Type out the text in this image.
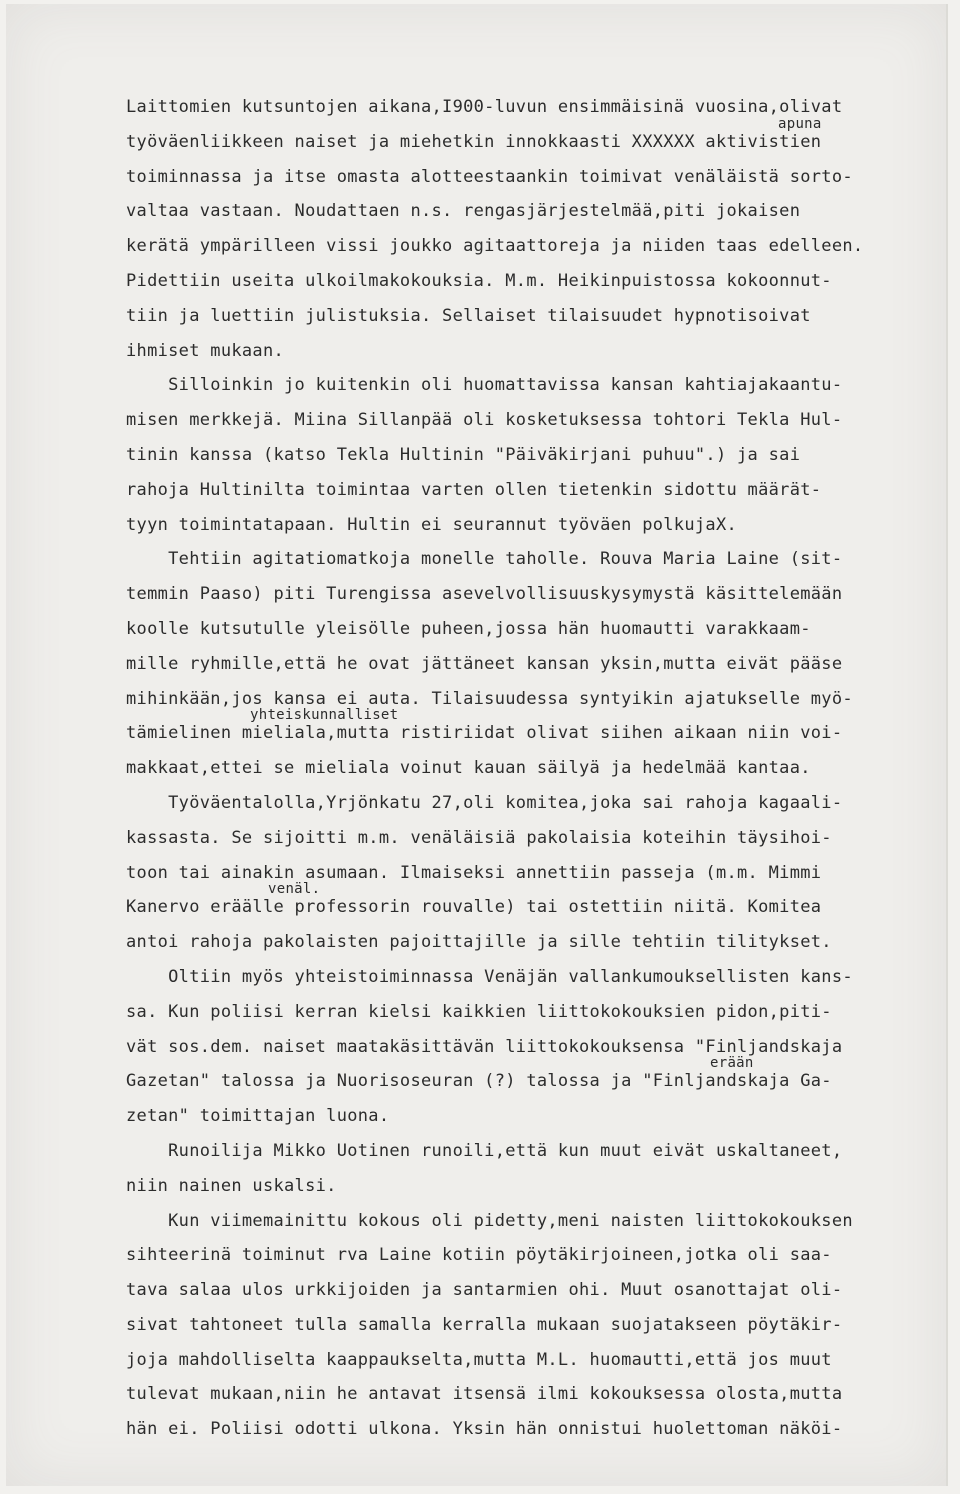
Laittomien kutsuntojen aikana,I900-luvun ensimmäisinä vuosina,olivat
apuna
työväenliikkeen naiset ja miehetkin innokkaasti XXXXXX aktivistien
toiminnassa ja itse omasta alotteestaankin toimivat venäläistä sorto-
valtaa vastaan. Noudattaen n.s. rengasjärjestelmää,piti jokaisen
kerätä ympärilleen vissi joukko agitaattoreja ja niiden taas edelleen.
Pidettiin useita ulkoilmakokouksia. M.m. Heikinpuistossa kokoonnut-
tiin ja luettiin julistuksia. Sellaiset tilaisuudet hypnotisoivat
ihmiset mukaan.
Silloinkin jo kuitenkin oli huomattavissa kansan kahtiajakaantu-
misen merkkejä. Miina Sillanpää oli kosketuksessa tohtori Tekla Hul-
tinin kanssa (katso Tekla Hultinin "Päiväkirjani puhuu".) ja sai
rahoja Hultinilta toimintaa varten ollen tietenkin sidottu määrät-
tyyn toimintatapaan. Hultin ei seurannut työväen polkujaX.
Tehtiin agitatiomatkoja monelle taholle. Rouva Maria Laine (sit-
temmin Paaso) piti Turengissa asevelvollisuuskysymystä käsittelemään
koolle kutsutulle yleisölle puheen,jossa hän huomautti varakkaam-
mille ryhmille,että he ovat jättäneet kansan yksin,mutta eivät pääse
mihinkään,jos kansa ei auta. Tilaisuudessa syntyikin ajatukselle myö-
yhteiskunnalliset
tämielinen mieliala,mutta ristiriidat olivat siihen aikaan niin voi-
makkaat,ettei se mieliala voinut kauan säilyä ja hedelmää kantaa.
Työväentalolla,Yrjönkatu 27,oli komitea,joka sai rahoja kagaali-
kassasta. Se sijoitti m.m. venäläisiä pakolaisia koteihin täysihoi-
toon tai ainakin asumaan. Ilmaiseksi annettiin passeja (m.m. Mimmi
venäl.
Kanervo eräälle professorin rouvalle) tai ostettiin niitä. Komitea
antoi rahoja pakolaisten pajoittajille ja sille tehtiin tilitykset.
Oltiin myös yhteistoiminnassa Venäjän vallankumouksellisten kans-
sa. Kun poliisi kerran kielsi kaikkien liittokokouksien pidon,piti-
vät sos.dem. naiset maatakäsittävän liittokokouksensa "Finljandskaja
erään
Gazetan" talossa ja Nuorisoseuran (?) talossa ja "Finljandskaja Ga-
zetan" toimittajan luona.
Runoilija Mikko Uotinen runoili,että kun muut eivät uskaltaneet,
niin nainen uskalsi.
Kun viimemainittu kokous oli pidetty,meni naisten liittokokouksen
sihteerinä toiminut rva Laine kotiin pöytäkirjoineen,jotka oli saa-
tava salaa ulos urkkijoiden ja santarmien ohi. Muut osanottajat oli-
sivat tahtoneet tulla samalla kerralla mukaan suojatakseen pöytäkir-
joja mahdolliselta kaappaukselta,mutta M.L. huomautti,että jos muut
tulevat mukaan,niin he antavat itsensä ilmi kokouksessa olosta,mutta
hän ei. Poliisi odotti ulkona. Yksin hän onnistui huolettoman näköi-
